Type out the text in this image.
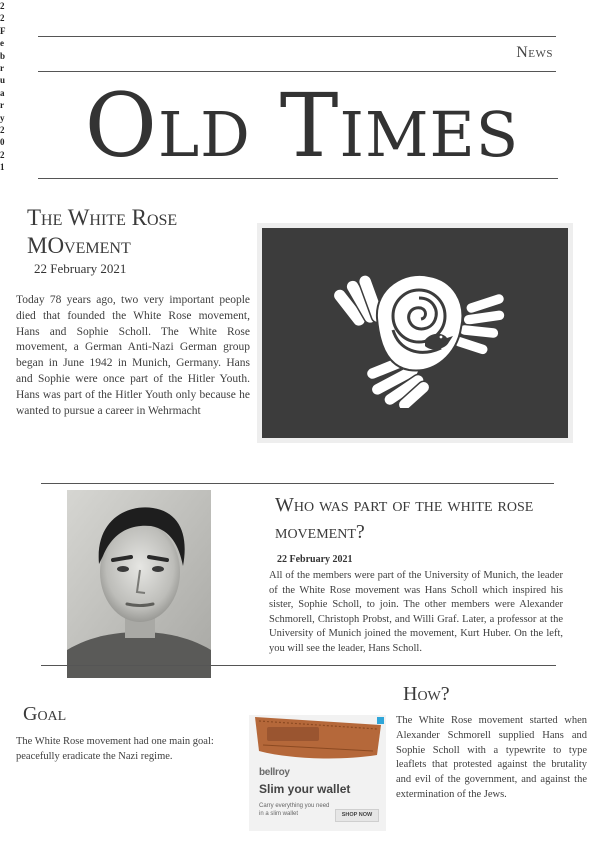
22 February 2021
News
Old Times
The White Rose MOvement
22 February 2021
Today 78 years ago, two very important people died that founded the White Rose movement, Hans and Sophie Scholl. The White Rose movement, a German Anti-Nazi German group began in June 1942 in Munich, Germany. Hans and Sophie were once part of the Hitler Youth. Hans was part of the Hitler Youth only because he wanted to pursue a career in Wehrmacht
Who was part of the white rose movement?
22 February 2021
All of the members were part of the University of Munich, the leader of the White Rose movement was Hans Scholl which inspired his sister, Sophie Scholl, to join. The other members were Alexander Schmorell, Christoph Probst, and Willi Graf. Later, a professor at the University of Munich joined the movement, Kurt Huber. On the left, you will see the leader, Hans Scholl.
Goal
The White Rose movement had one main goal: peacefully eradicate the Nazi regime.
How?
The White Rose movement started when Alexander Schmorell supplied Hans and Sophie Scholl with a typewrite to type leaflets that protested against the brutality and evil of the government, and against the extermination of the Jews.
bellroy
Slim your wallet
Carry everything you need in a slim wallet	SHOP NOW
